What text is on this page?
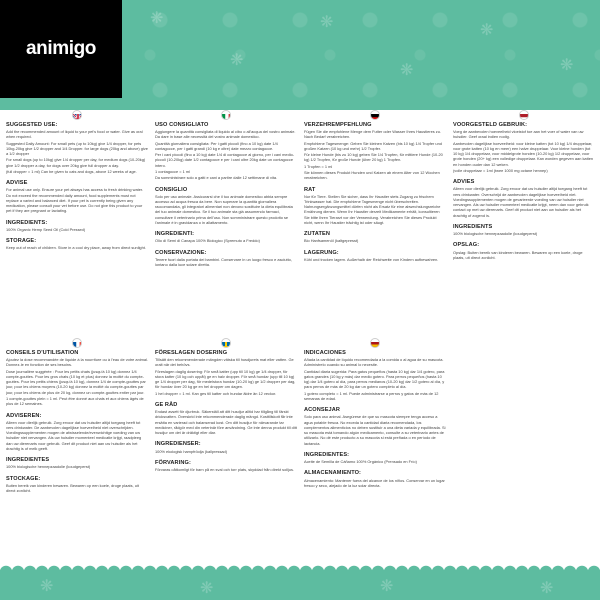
❋
❋
❋
❋
❋
❋
animigo
SUGGESTED USE:
Add the recommended amount of liquid to your pet's food or water. Give as oral when required.
Suggested Daily Amount: For small pets (up to 10kg) give 1/4 dropper, for pets 10kg-20kg give 1/2 dropper and 1/4 Dropper. for large dogs (20kg and above) give a 1/2 dropper
For small dogs (up to 10kg) give 1/4 dropper per day, for medium dogs (10-20kg) give 1/2 dropper a day, for dogs over 20kg give full dropper a day.
(full dropper = 1 ml) Can be given to cats and dogs, above 12 weeks of age.
ADVISE
For animal use only. Ensure your pet always has access to fresh drinking water. Do not exceed the recommended daily amount, food supplements must not replace a varied and balanced diet. If your pet is currently being given any medication, please consult your vet before use. Do not give this product to your pet if they are pregnant or lactating.
INGREDIENTS:
100% Organic Hemp Seed Oil (Cold Pressed)
STORAGE:
Keep out of reach of children. Store in a cool dry place, away from direct sunlight.
USO CONSIGLIATO
Aggiungere la quantità consigliata di liquido al cibo o all'acqua del vostro animale. Da dare in base alle necessità del vostro animale domestico.
Quantità giornaliera consigliata: Per i gatti piccoli (fino a 10 kg) date 1/4 contagocce, per i gatti grandi (10 kg e oltre) date mezzo contagocce.
Per i cani piccoli (fino a 10 kg) date 1/4 di contagocce al giorno, per i cani medio-piccoli (10-20kg) date 1/2 contagocce e per i cani oltre 20kg date un contagocce intero.
1 contagocce = 1 ml
Da somministrare solo a gatti e cani a partire dalle 12 settimane di vita.
CONSIGLIO
Solo per uso animale. Assicurarsi che il tuo animale domestico abbia sempre accesso ad acqua fresca da bere. Non superare la quantità giornaliera raccomandata, gli integratori alimentari non devono sostituire la dieta equilibrata del tuo animale domestico. Se il tuo animale sta già assumendo farmaci, consultare il veterinario prima dell'uso. Non somministrare questo prodotto se l'animale è in gravidanza o in allattamento.
INGREDIENTI:
Olio di Semi di Canapa 100% Biologico (Spremuto a Freddo)
CONSERVAZIONE:
Tenere fuori dalla portata dei bambini. Conservare in un luogo fresco e asciutto, lontano dalla luce solare diretta.
VERZEHREMPFEHLUNG
Fügen Sie die empfohlene Menge dem Futter oder Wasser Ihres Haustieres zu. Nach Bedarf verabreichen.
Empfohlene Tagesmenge: Geben Sie kleinen Katzen (bis 10 kg) 1/4 Tropfer und großen Katzen (10 kg und mehr) 1/2 Tropfer.
Für kleine Hunde (bis zu 10 kg) geben Sie 1/4 Tropfen, für mittlere Hunde (10-20 kg) 1/2 Tropfen, für große Hunde (über 20 kg) 1 Tropfen.
1 Tropfen = 1 ml
Sie können dieses Produkt Hunden und Katzen ab einem Alter von 12 Wochen verabreichen.
RAT
Nur für Tiere. Stellen Sie sicher, dass Ihr Haustier stets Zugang zu frischem Trinkwasser hat. Die empfohlene Tagesmenge nicht überschreiten. Nahrungsergänzungsmittel dürfen nicht als Ersatz für eine abwechslungsreiche Ernährung dienen. Wenn Ihr Haustier derzeit Medikamente erhält, konsultieren Sie bitte Ihren Tierarzt vor der Verwendung. Verabreichen Sie dieses Produkt nicht, wenn Ihr Haustier trächtig ist oder säugt.
ZUTATEN
Bio Hanfsamenöl (kaltgepresst)
LAGERUNG:
Kühl und trocken lagern. Außerhalb der Reichweite von Kindern aufbewahren.
VOORGESTELD GEBRUIK:
Voeg de aanbevolen hoeveelheid vloeistof toe aan het voer of water van uw huisdier. Geef oraal indien nodig.
Aanbevolen dagelijkse hoeveelheid: voor kleine katten (tot 10 kg) 1/4 druppelaar, voor grote katten (10 kg en meer) een halve druppelaar. Voor kleine honden (tot 10 kg) 1/4 druppelaar, voor middelgrote honden (10-20 kg) 1/2 druppelaar, voor grote honden (20+ kg) een volledige druppelaar. Kan worden gegeven aan katten en honden ouder dan 12 weken.
(volle druppelaar = 1ml (twee 1000 mg octane hennep)
ADVIES
Alleen voor dierlijk gebruik. Zorg ervoor dat uw huisdier altijd toegang heeft tot vers drinkwater. Overschrijd de aanbevolen dagelijkse hoeveelheid niet. Voedingssupplementen mogen de gevarieerde voeding van uw huisdier niet vervangen. Als uw huisdier momenteel medicatie krijgt, neem dan voor gebruik contact op met uw dierenarts. Geef dit product niet aan uw huisdier als het drachtig of zogend is.
INGREDIENTS
100% biologische hennepzaadolie (koudgeperst)
OPSLAG:
Opslag: Buiten bereik van kinderen bewaren. Bewaren op een koele, droge plaats, uit direct zonlicht.
CONSEILS D'UTILISATION
Ajoutez la dose recommandée de liquide à la nourriture ou à l'eau de votre animal. Donnez-le en fonction de ses besoins.
Dose journalière suggérée : Pour les petits chats (jusqu'à 10 kg) donnez 1/4 compte-gouttes. Pour les gros chats (10 kg et plus) donnez la moitié du compte-gouttes. Pour les petits chiens (jusqu'à 10 kg), donnez 1/4 de compte-gouttes par jour, pour les chiens moyens (10-20 kg) donnez la moitié du compte-gouttes par jour, pour les chiens de plus de 20 kg, donnez un compte-gouttes entier par jour.
1 compte-gouttes plein = 1 ml. Peut être donné aux chats et aux chiens âgés de plus de 12 semaines.
ADVISEREN:
Alleen voor dierlijk gebruik. Zorg ervoor dat uw huisdier altijd toegang heeft tot vers drinkwater. De aanbevolen dagelijkse hoeveelheid niet overschrijden. Voedingssupplementen mogen de afwisselende/evenwichtige voeding van uw huisdier niet vervangen. Als uw huisdier momenteel medicatie krijgt, raadpleeg dan uw dierenarts voor gebruik. Geef dit product niet aan uw huisdier als het drachtig is of melk geeft.
INGREDIENTES
100% biologische hennepzaadolie (koudgeperst)
STOCKAGE:
Buiten bereik van kinderen bewaren. Bewaren op een koele, droge plaats, uit direct zonlicht.
FÖRESLAGEN DOSERING
Tillsätt den rekommenderade mängden vätska till husdjurets mat eller vatten. Ge oralt när det behövs.
Föreslagen daglig dosering: För små katter (upp till 10 kg) ge 1/4 dropper, för stora katter (10 kg och uppåt) ge en halv dropper. För små hundar (upp till 10 kg) ge 1/4 dropper per dag, för medelstora hundar (10-20 kg) ge 1/2 dropper per dag, för hundar över 20 kg ge en hel dropper om dagen.
1 hel dropper = 1 ml. Kan ges till katter och hundar äldre än 12 veckor.
GE RÅD
Endast avsett för djurbruk. Säkerställ att ditt husdjur alltid har tillgång till färskt dricksvatten. Överskrid inte rekommenderade daglig mängd. Kosttillskott får inte ersätta en varierad och balanserad kost. Om ditt husdjur för närvarande tar mediciner, rådgör med din veterinär före användning. Ge inte denna produkt till ditt husdjur om det är dräktigt eller diar.
INGREDIENSER:
100% ekologisk hampfröolja (kallpressad)
FÖRVARING:
Förvaras oåtkomligt för barn på en sval och torr plats, skyddad från direkt solljus.
INDICACIONES
Añada la cantidad de líquido recomendada a la comida o al agua de su mascota. Adminístrelo cuando su animal lo necesite.
Cantidad diaria sugerida: Para gatos pequeños (hasta 10 kg) dar 1/4 gotero, para gatos grandes (10 kg y más) dar medio gotero. Para perros pequeños (hasta 10 kg) dar 1/4 gotero al día, para perros medianos (10-20 kg) dar 1/2 gotero al día, y para perros de más de 20 kg dar un gotero completo al día.
1 gotero completo = 1 ml. Puede administrarse a perros y gatos de más de 12 semanas de edad.
ACONSEJAR
Solo para uso animal. Asegúrese de que su mascota siempre tenga acceso a agua potable fresca. No exceda la cantidad diaria recomendada, los complementos alimenticios no deben sustituir a una dieta variada y equilibrada. Si su mascota está tomando algún medicamento, consulte a su veterinario antes de utilizarlo. No dé este producto a su mascota si está preñada o en período de lactancia.
INGREDIENTES:
Aceite de Semilla de Cáñamo 100% Orgánico (Prensado en Frío)
ALMACENAMIENTO:
Almacenamiento: Mantener fuera del alcance de los niños. Conservar en un lugar fresco y seco, alejado de la luz solar directa.
❋	❋	❋	❋
